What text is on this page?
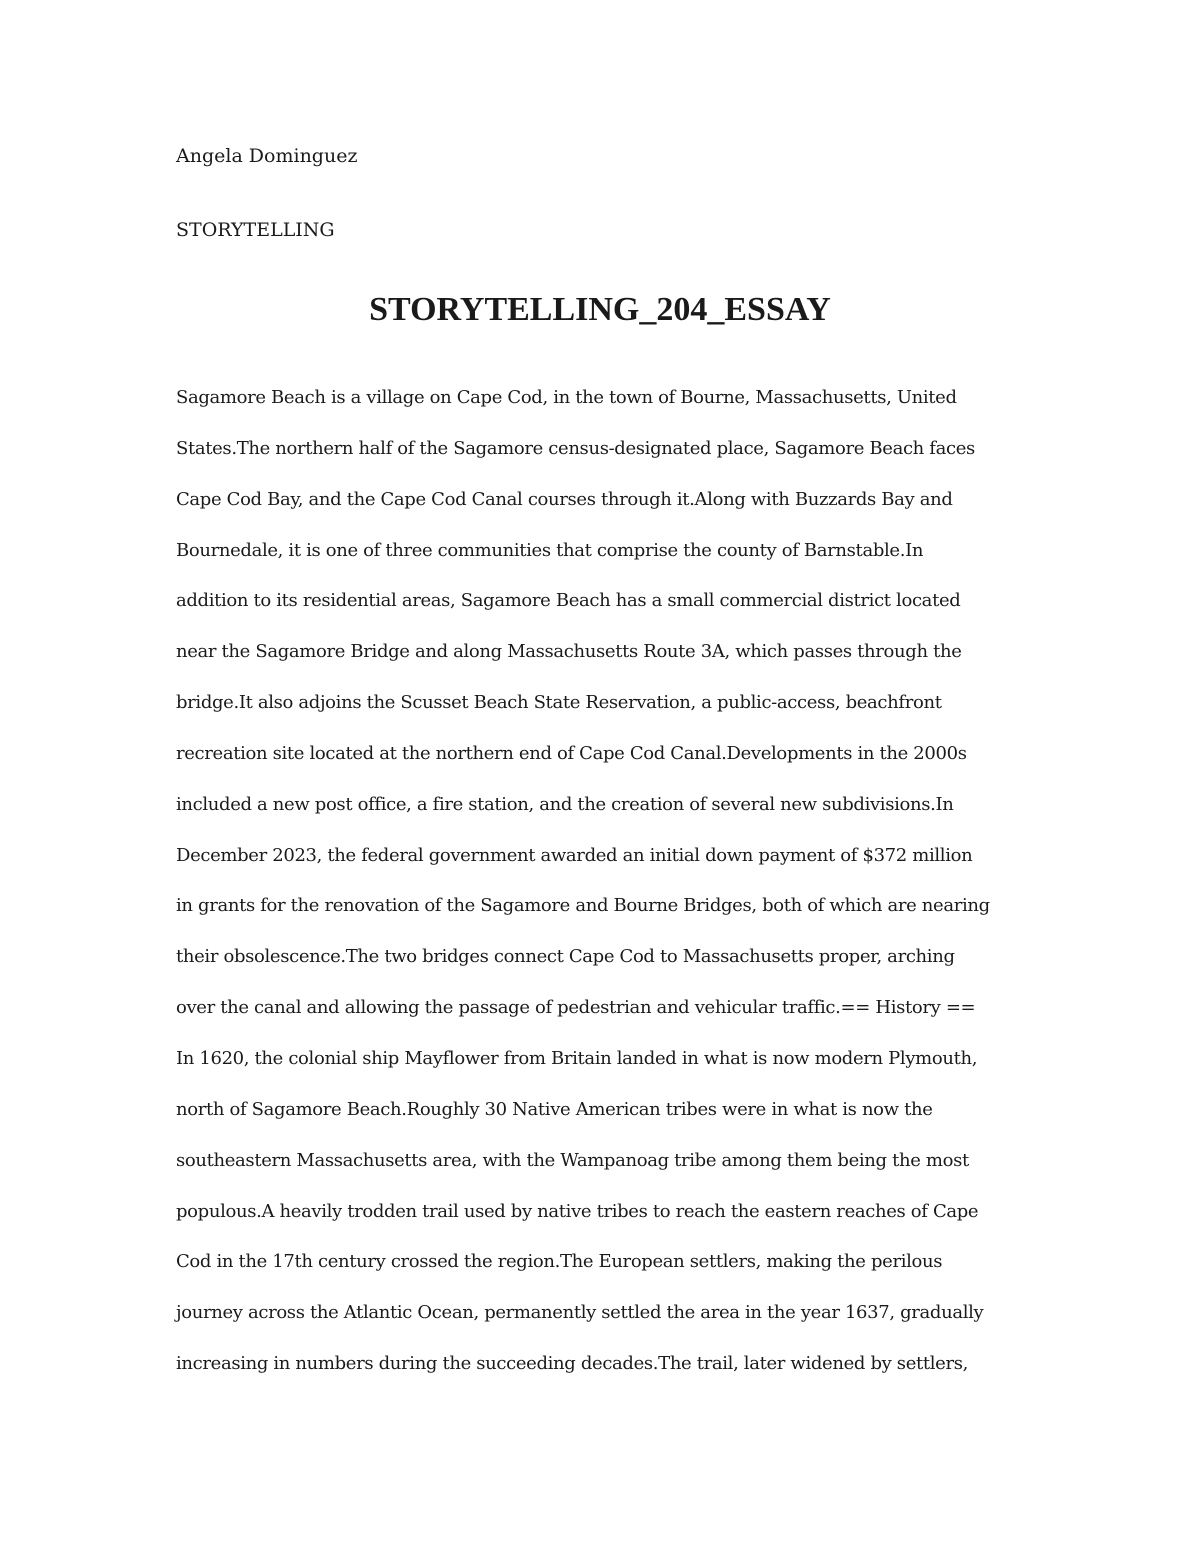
Angela Dominguez

STORYTELLING

STORYTELLING_204_ESSAY
Sagamore Beach is a village on Cape Cod, in the town of Bourne, Massachusetts, United
States.The northern half of the Sagamore census-designated place, Sagamore Beach faces
Cape Cod Bay, and the Cape Cod Canal courses through it.Along with Buzzards Bay and
Bournedale, it is one of three communities that comprise the county of Barnstable.In
addition to its residential areas, Sagamore Beach has a small commercial district located
near the Sagamore Bridge and along Massachusetts Route 3A, which passes through the
bridge.It also adjoins the Scusset Beach State Reservation, a public-access, beachfront
recreation site located at the northern end of Cape Cod Canal.Developments in the 2000s
included a new post office, a fire station, and the creation of several new subdivisions.In
December 2023, the federal government awarded an initial down payment of $372 million
in grants for the renovation of the Sagamore and Bourne Bridges, both of which are nearing
their obsolescence.The two bridges connect Cape Cod to Massachusetts proper, arching
over the canal and allowing the passage of pedestrian and vehicular traffic.== History ==
In 1620, the colonial ship Mayflower from Britain landed in what is now modern Plymouth,
north of Sagamore Beach.Roughly 30 Native American tribes were in what is now the
southeastern Massachusetts area, with the Wampanoag tribe among them being the most
populous.A heavily trodden trail used by native tribes to reach the eastern reaches of Cape
Cod in the 17th century crossed the region.The European settlers, making the perilous
journey across the Atlantic Ocean, permanently settled the area in the year 1637, gradually
increasing in numbers during the succeeding decades.The trail, later widened by settlers,
